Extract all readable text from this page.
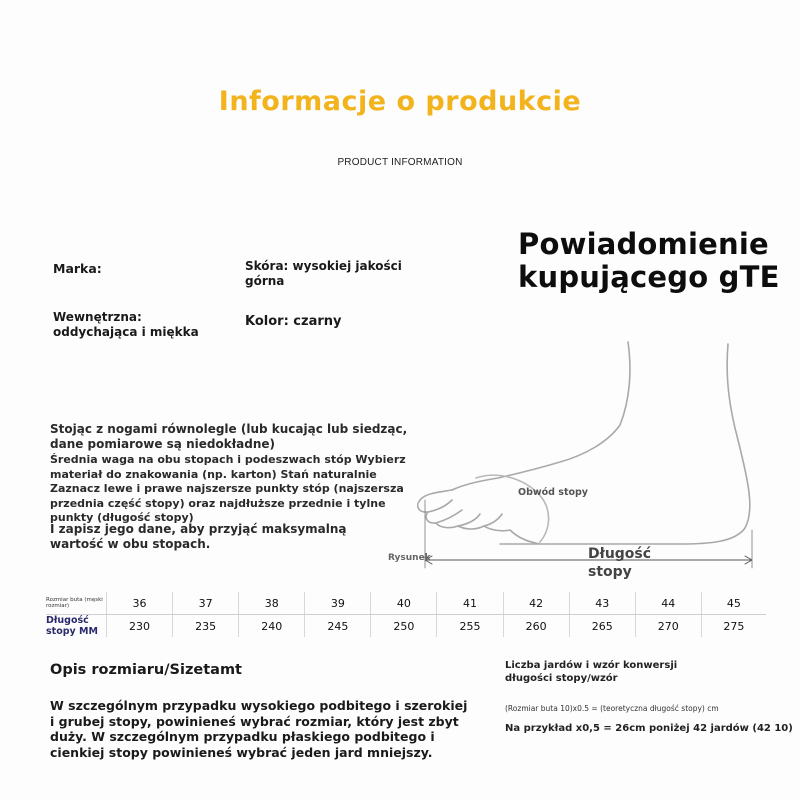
Informacje o produkcie
PRODUCT INFORMATION
Marka:	Skóra: wysokiej jakości
górna
Wewnętrzna:
oddychająca i miękka
Kolor: czarny
Powiadomienie
kupującego gTE
Stojąc z nogami równolegle (lub kucając lub siedząc, dane pomiarowe są niedokładne)
Średnia waga na obu stopach i podeszwach stóp Wybierz materiał do znakowania (np. karton) Stań naturalnie Zaznacz lewe i prawe najszersze punkty stóp (najszersza przednia część stopy) oraz najdłuższe przednie i tylne punkty (długość stopy)
I zapisz jego dane, aby przyjąć maksymalną wartość w obu stopach.
Obwód stopy
Rysunek	Długość
stopy
Rozmiar buta (męski rozmiar)	36	37	38	39	40	41	42	43	44	45

Długość
stopy MM	230	235	240	245	250	255	260	265	270	275
Opis rozmiaru/Sizetamt
W szczególnym przypadku wysokiego podbitego i szerokiej i grubej stopy, powinieneś wybrać rozmiar, który jest zbyt duży. W szczególnym przypadku płaskiego podbitego i cienkiej stopy powinieneś wybrać jeden jard mniejszy.
Liczba jardów i wzór konwersji
długości stopy/wzór
(Rozmiar buta 10)x0.5 = (teoretyczna długość stopy) cm
Na przykład x0,5 = 26cm poniżej 42 jardów (42 10)
